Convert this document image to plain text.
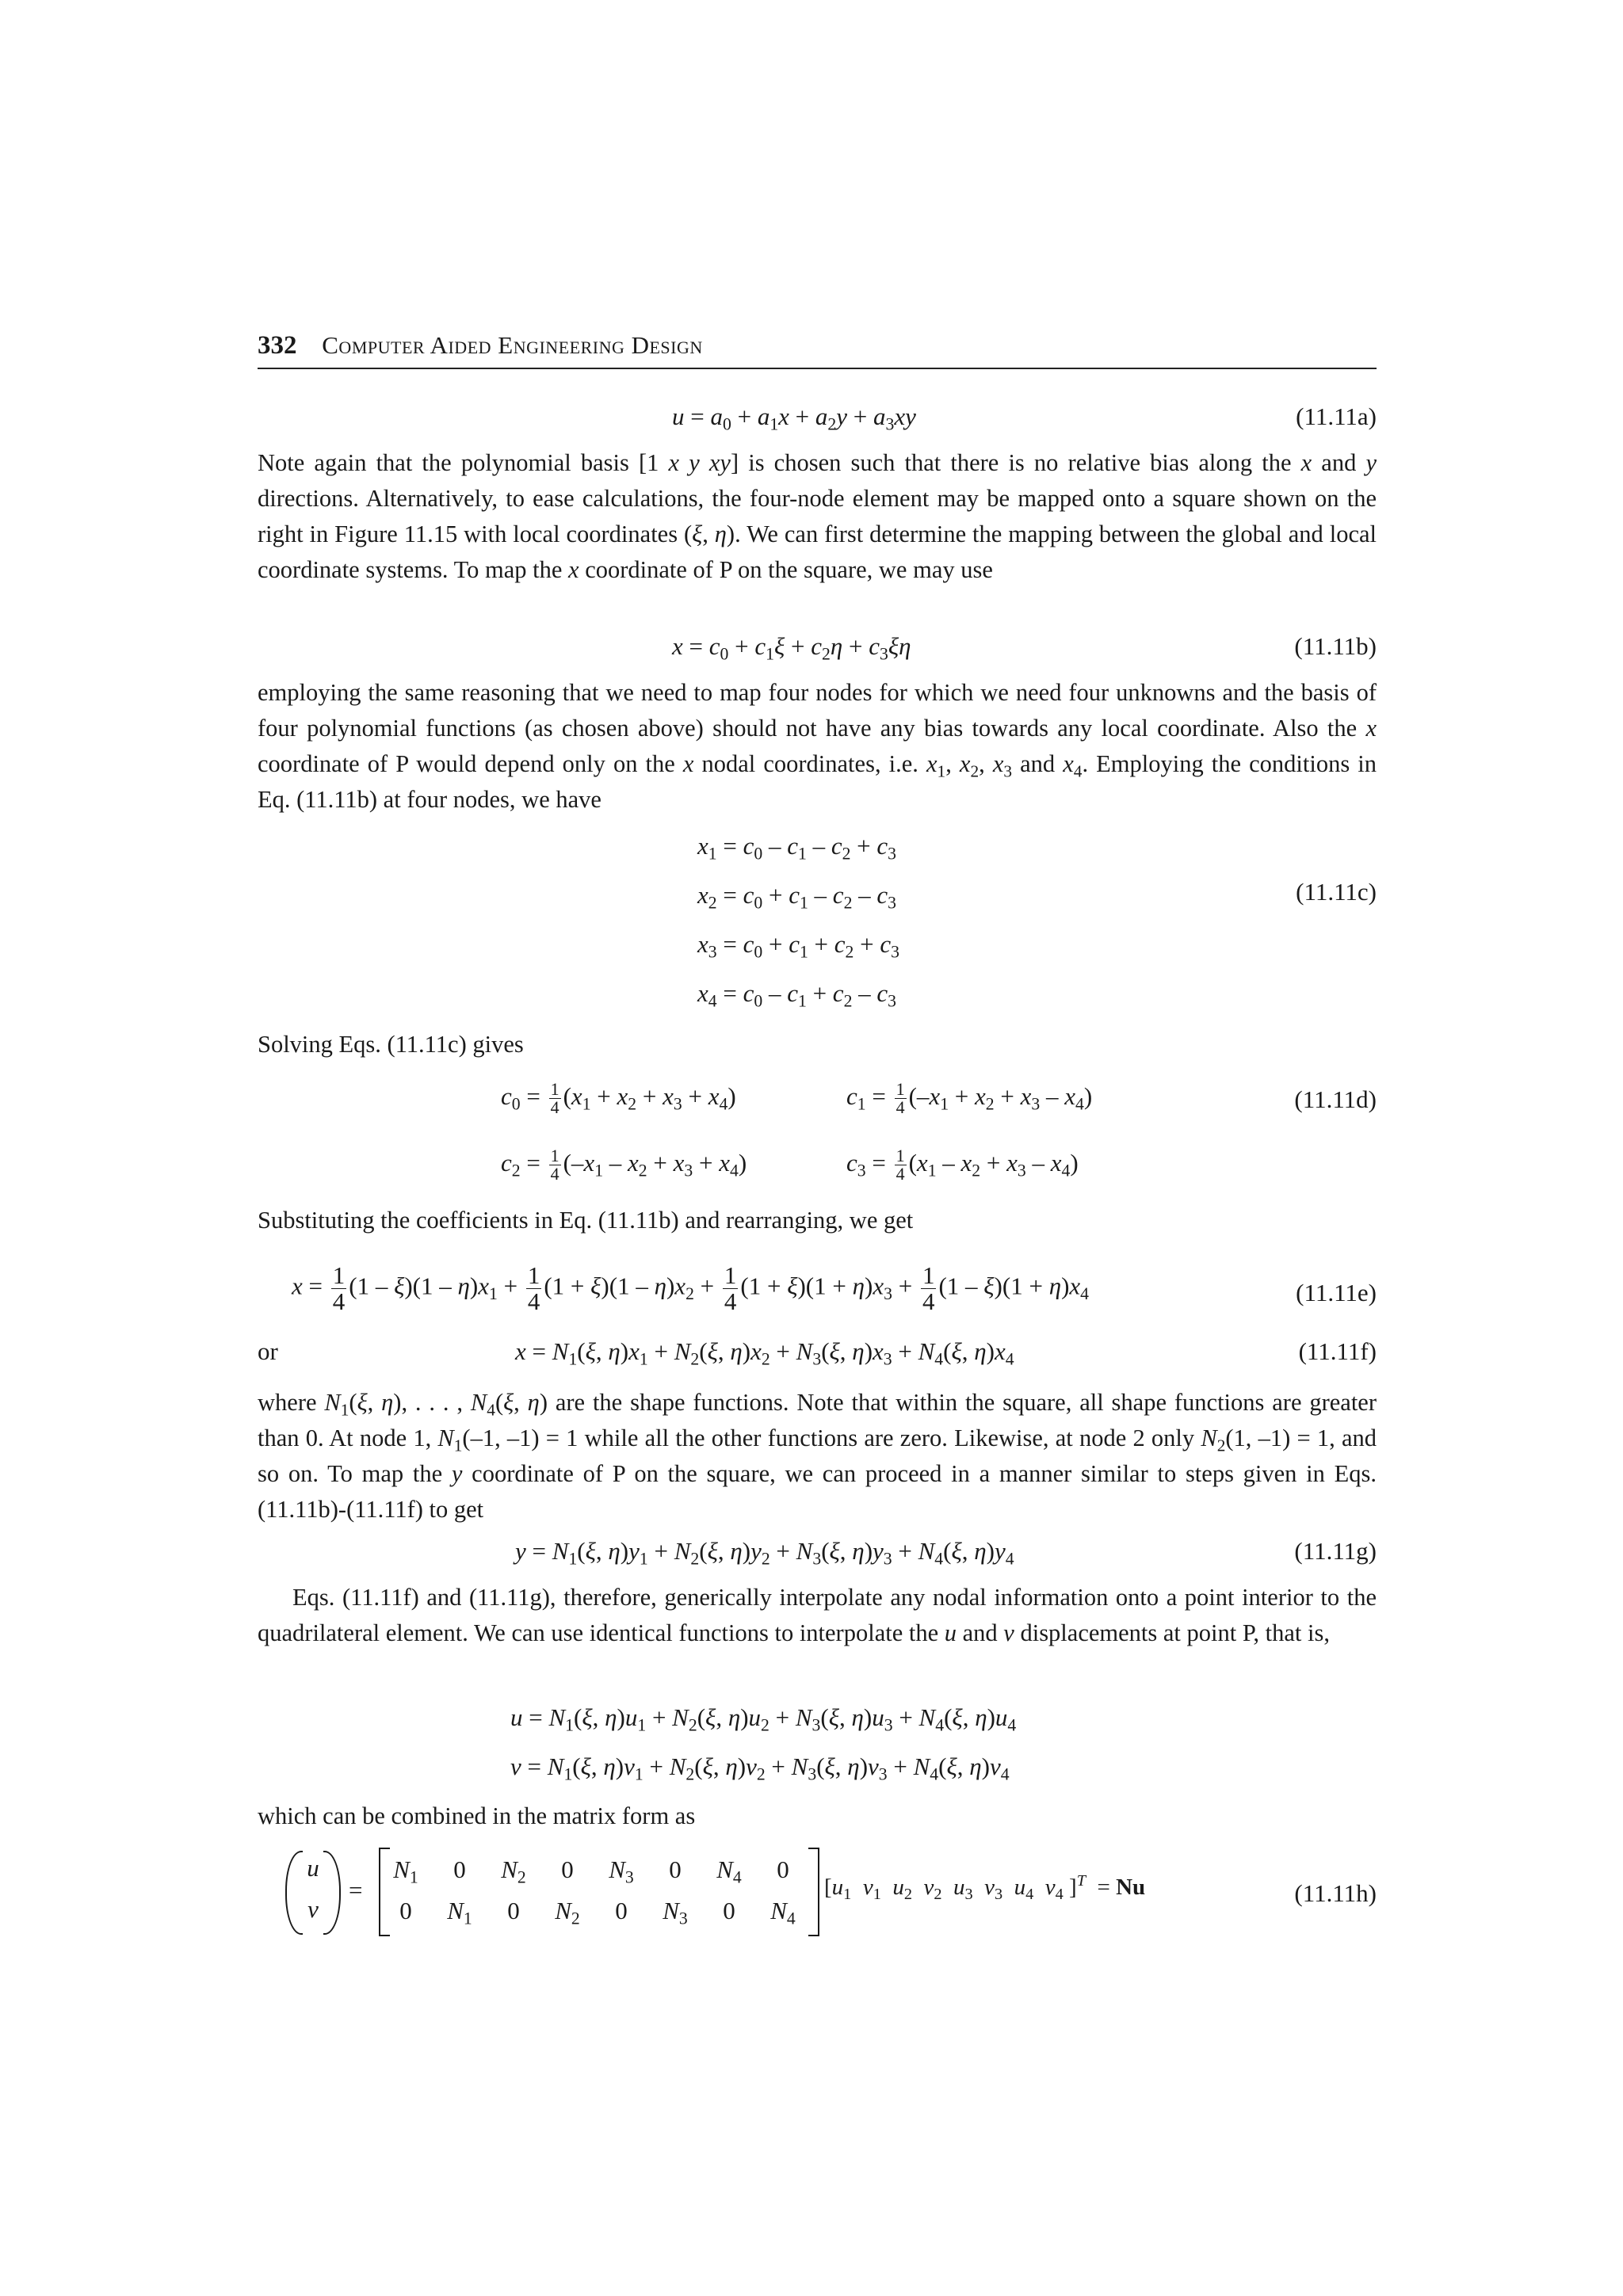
332 Computer Aided Engineering Design
$u = a_0 + a_1x + a_2y + a_3xy$	(11.11a)
Note again that the polynomial basis [1 x y xy] is chosen such that there is no relative bias along the x and y directions. Alternatively, to ease calculations, the four-node element may be mapped onto a square shown on the right in Figure 11.15 with local coordinates (ξ, η). We can first determine the mapping between the global and local coordinate systems. To map the x coordinate of P on the square, we may use
$x = c_0 + c_1\xi + c_2\eta + c_3\xi\eta$	(11.11b)
employing the same reasoning that we need to map four nodes for which we need four unknowns and the basis of four polynomial functions (as chosen above) should not have any bias towards any local coordinate. Also the x coordinate of P would depend only on the x nodal coordinates, i.e. $x_1$, $x_2$, $x_3$ and $x_4$. Employing the conditions in Eq. (11.11b) at four nodes, we have
$x_1 = c_0 - c_1 - c_2 + c_3$
$x_2 = c_0 + c_1 - c_2 - c_3$	(11.11c)
$x_3 = c_0 + c_1 + c_2 + c_3$
$x_4 = c_0 - c_1 + c_2 - c_3$
Solving Eqs. (11.11c) gives
$c_0 = \frac{1}{4} (x_1 + x_2 + x_3 + x_4)$	$c_1 = \frac{1}{4} (-x_1 + x_2 + x_3 - x_4)$	(11.11d)
$c_2 = \frac{1}{4} (-x_1 - x_2 + x_3 + x_4)$	$c_3 = \frac{1}{4} (x_1 - x_2 + x_3 - x_4)$
Substituting the coefficients in Eq. (11.11b) and rearranging, we get
$x = \frac{1}{4} (1 - \xi)(1 - \eta)x_1 + \frac{1}{4} (1 + \xi)(1 - \eta)x_2 + \frac{1}{4} (1 + \xi)(1 + \eta)x_3 + \frac{1}{4} (1 - \xi)(1 + \eta)x_4$	(11.11e)
or	$x = N_1(\xi$, $\eta)x_1 + N_2(\xi$, $\eta)x_2 + N_3(\xi$, $\eta)x_3 + N_4(\xi$, $\eta)x_4$	(11.11f)
where $N_1(\xi$, η), . . . , $N_4(\xi$, η) are the shape functions. Note that within the square, all shape functions are greater than 0. At node 1, $N_1(-1$, –1) = 1 while all the other functions are zero. Likewise, at node 2 only $N_2(1$, –1) = 1, and so on. To map the y coordinate of P on the square, we can proceed in a manner similar to steps given in Eqs. (11.11b)-(11.11f) to get
$y = N_1(\xi$, $\eta)y_1 + N_2(\xi$, $\eta)y_2 + N_3(\xi$, $\eta)y_3 + N_4(\xi$, $\eta)y_4$	(11.11g)
Eqs. (11.11f) and (11.11g), therefore, generically interpolate any nodal information onto a point interior to the quadrilateral element. We can use identical functions to interpolate the u and v displacements at point P, that is,
$u = N_1(\xi$, $\eta)u_1 + N_2(\xi$, $\eta)u_2 + N_3(\xi$, $\eta)u_3 + N_4(\xi$, $\eta)u_4$
$v = N_1(\xi$, $\eta)v_1 + N_2(\xi$, $\eta)v_2 + N_3(\xi$, $\eta)v_3 + N_4(\xi$, $\eta)v_4$
which can be combined in the matrix form as
u
v
=
$N_1$	0	$N_2$	0	$N_3$	0	$N_4$	0
0	$N_1$	0	$N_2$	0	$N_3$	0	$N_4$
[$u_1$ $v_1$ $u_2$ $v_2$ $u_3$ $v_3$ $u_4$ $v_4$ ]$^T$  = Nu	(11.11h)
